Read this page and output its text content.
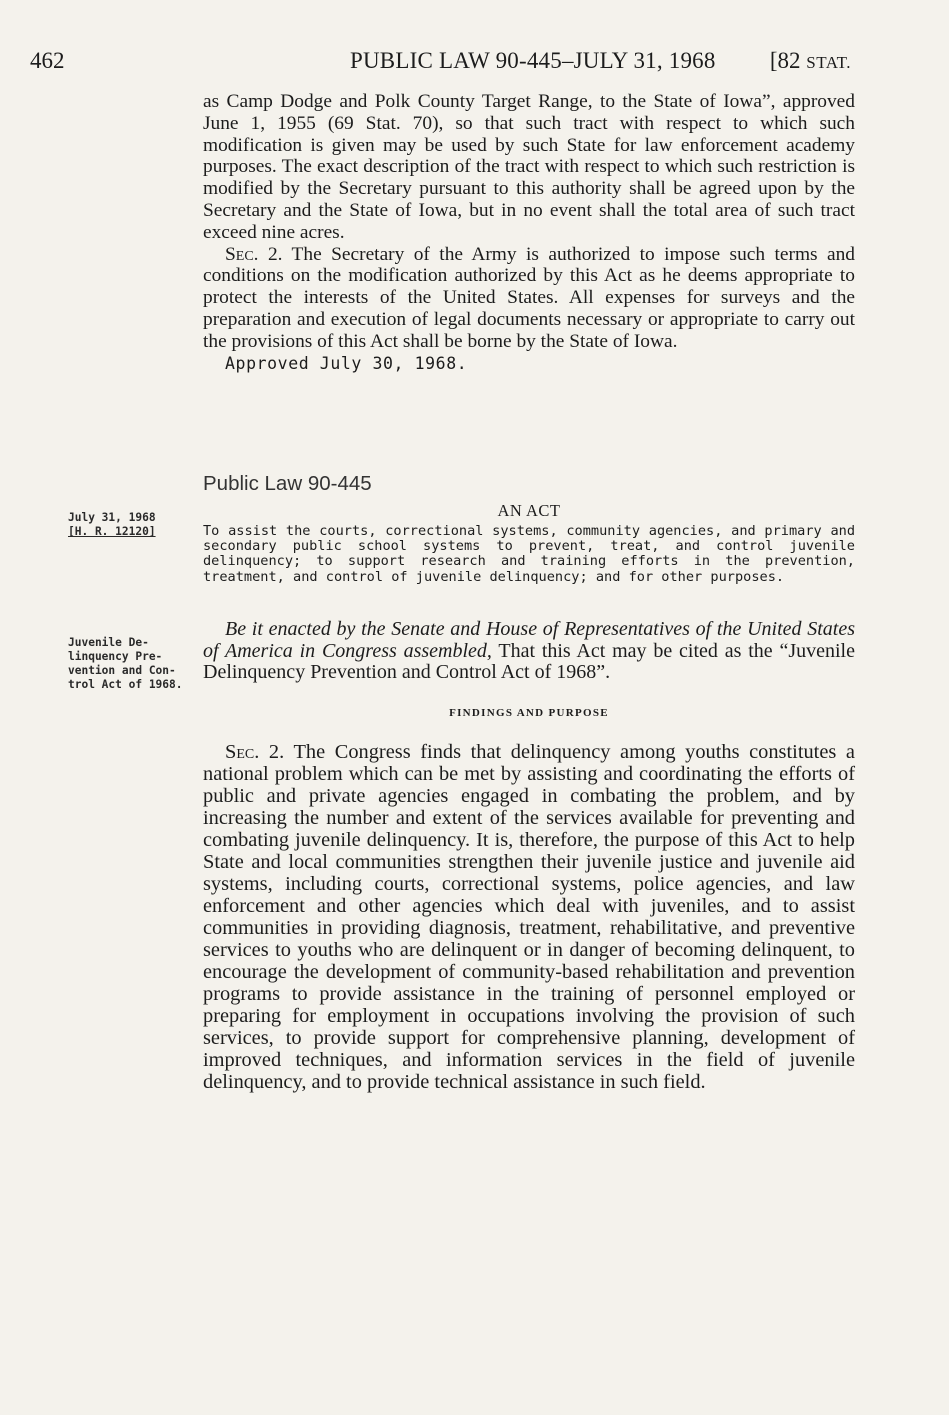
462	PUBLIC LAW 90-445–JULY 31, 1968 [82 STAT.

as Camp Dodge and Polk County Target Range, to the State of Iowa”, approved June 1, 1955 (69 Stat. 70), so that such tract with respect to which such modification is given may be used by such State for law enforcement academy purposes. The exact description of the tract with respect to which such restriction is modified by the Secretary pursuant to this authority shall be agreed upon by the Secretary and the State of Iowa, but in no event shall the total area of such tract exceed nine acres.

Sec. 2. The Secretary of the Army is authorized to impose such terms and conditions on the modification authorized by this Act as he deems appropriate to protect the interests of the United States. All expenses for surveys and the preparation and execution of legal documents necessary or appropriate to carry out the provisions of this Act shall be borne by the State of Iowa.

Approved July 30, 1968.

Public Law 90-445
AN ACT
To assist the courts, correctional systems, community agencies, and primary and secondary public school systems to prevent, treat, and control juvenile delinquency; to support research and training efforts in the prevention, treatment, and control of juvenile delinquency; and for other purposes.
July 31, 1968
[H. R. 12120]
Juvenile De-
linquency Pre-
vention and Con-
trol Act of 1968.
Be it enacted by the Senate and House of Representatives of the United States of America in Congress assembled, That this Act may be cited as the “Juvenile Delinquency Prevention and Control Act of 1968”.
FINDINGS AND PURPOSE
Sec. 2. The Congress finds that delinquency among youths constitutes a national problem which can be met by assisting and coordinating the efforts of public and private agencies engaged in combating the problem, and by increasing the number and extent of the services available for preventing and combating juvenile delinquency. It is, therefore, the purpose of this Act to help State and local communities strengthen their juvenile justice and juvenile aid systems, including courts, correctional systems, police agencies, and law enforcement and other agencies which deal with juveniles, and to assist communities in providing diagnosis, treatment, rehabilitative, and preventive services to youths who are delinquent or in danger of becoming delinquent, to encourage the development of community-based rehabilitation and prevention programs to provide assistance in the training of personnel employed or preparing for employment in occupations involving the provision of such services, to provide support for comprehensive planning, development of improved techniques, and information services in the field of juvenile delinquency, and to provide technical assistance in such field.
